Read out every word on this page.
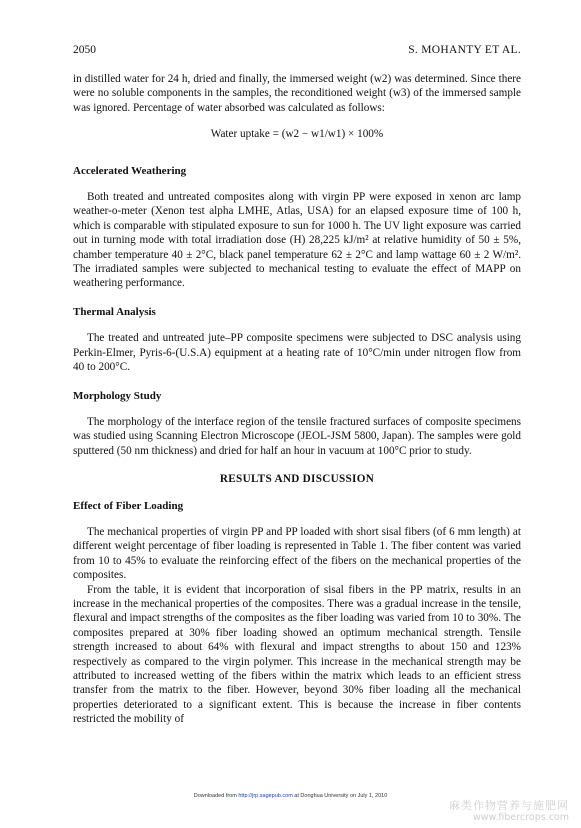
2050	S. MOHANTY ET AL.

in distilled water for 24 h, dried and finally, the immersed weight (w2) was determined. Since there were no soluble components in the samples, the reconditioned weight (w3) of the immersed sample was ignored. Percentage of water absorbed was calculated as follows:

Water uptake = (w2 − w1/w1) × 100%
Accelerated Weathering

Both treated and untreated composites along with virgin PP were exposed in xenon arc lamp weather-o-meter (Xenon test alpha LMHE, Atlas, USA) for an elapsed exposure time of 100 h, which is comparable with stipulated exposure to sun for 1000 h. The UV light exposure was carried out in turning mode with total irradiation dose (H) 28,225 kJ/m² at relative humidity of 50 ± 5%, chamber temperature 40 ± 2°C, black panel temperature 62 ± 2°C and lamp wattage 60 ± 2 W/m². The irradiated samples were subjected to mechanical testing to evaluate the effect of MAPP on weathering performance.

Thermal Analysis

The treated and untreated jute–PP composite specimens were subjected to DSC analysis using Perkin-Elmer, Pyris-6-(U.S.A) equipment at a heating rate of 10°C/min under nitrogen flow from 40 to 200°C.

Morphology Study

The morphology of the interface region of the tensile fractured surfaces of composite specimens was studied using Scanning Electron Microscope (JEOL-JSM 5800, Japan). The samples were gold sputtered (50 nm thickness) and dried for half an hour in vacuum at 100°C prior to study.

RESULTS AND DISCUSSION
Effect of Fiber Loading

The mechanical properties of virgin PP and PP loaded with short sisal fibers (of 6 mm length) at different weight percentage of fiber loading is represented in Table 1. The fiber content was varied from 10 to 45% to evaluate the reinforcing effect of the fibers on the mechanical properties of the composites.

From the table, it is evident that incorporation of sisal fibers in the PP matrix, results in an increase in the mechanical properties of the composites. There was a gradual increase in the tensile, flexural and impact strengths of the composites as the fiber loading was varied from 10 to 30%. The composites prepared at 30% fiber loading showed an optimum mechanical strength. Tensile strength increased to about 64% with flexural and impact strengths to about 150 and 123% respectively as compared to the virgin polymer. This increase in the mechanical strength may be attributed to increased wetting of the fibers within the matrix which leads to an efficient stress transfer from the matrix to the fiber. However, beyond 30% fiber loading all the mechanical properties deteriorated to a significant extent. This is because the increase in fiber contents restricted the mobility of

Downloaded from http://jrp.sagepub.com at Donghua University on July 1, 2010
麻类作物营养与施肥网
www.fibercrops.com
